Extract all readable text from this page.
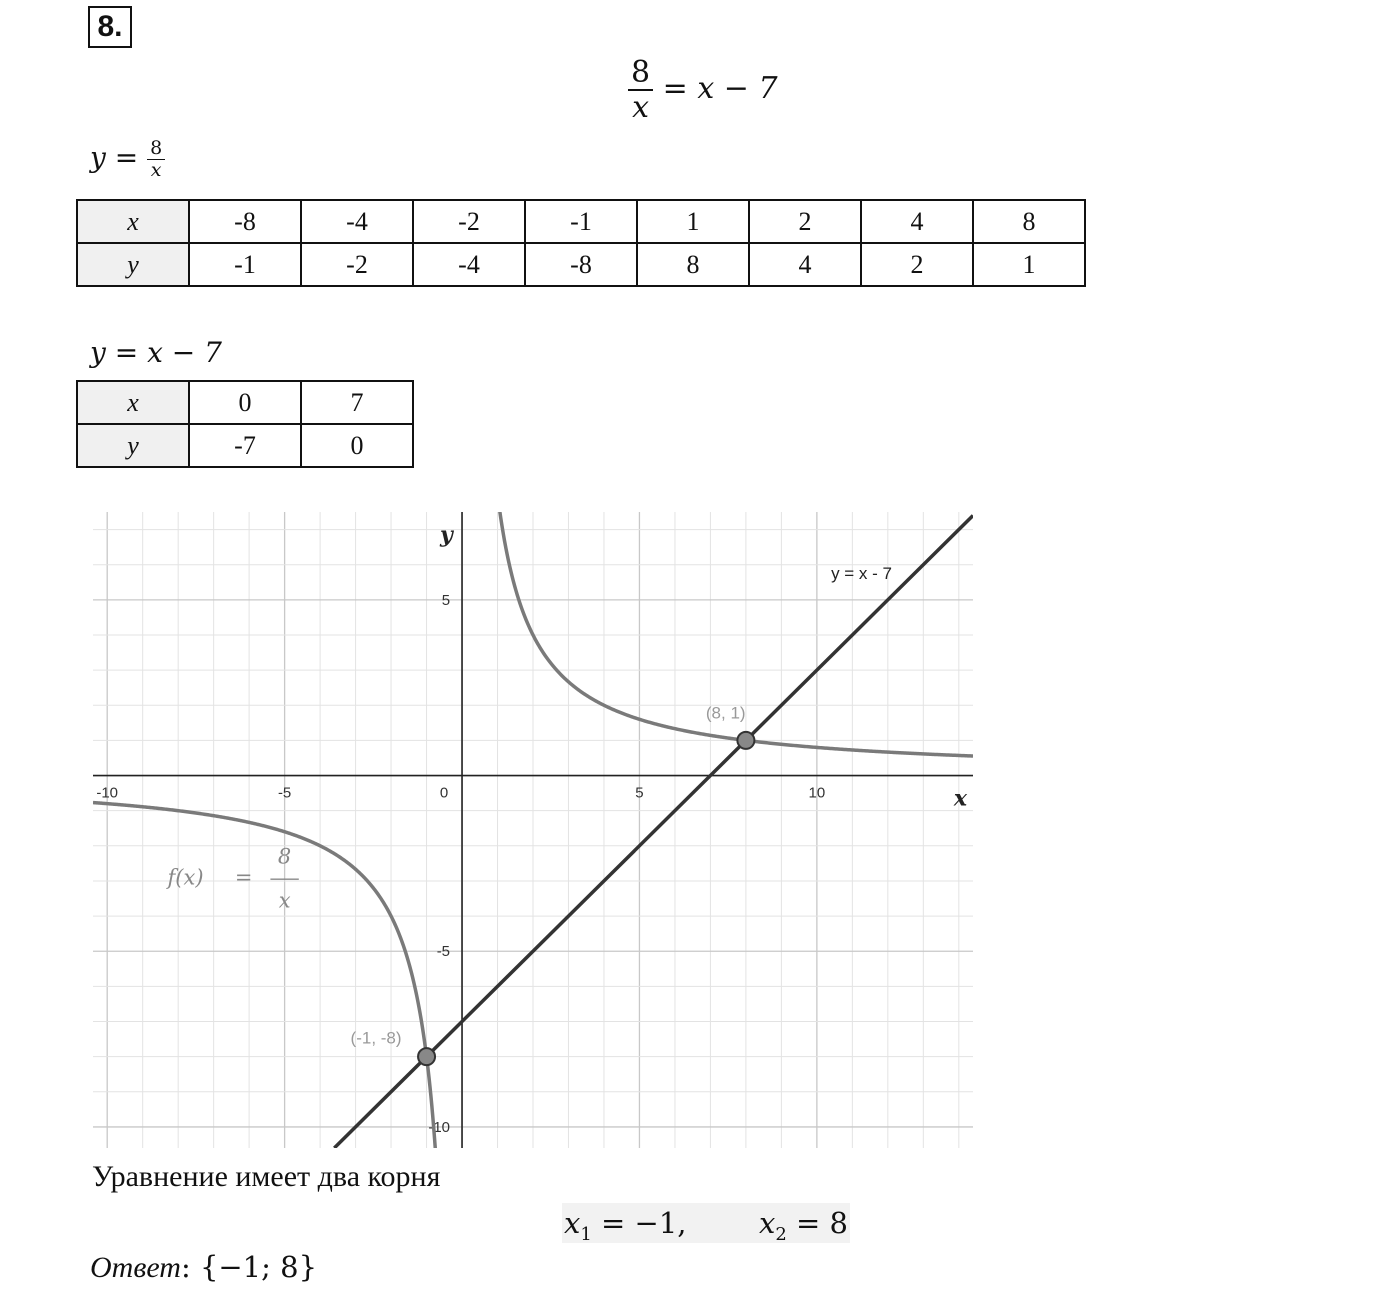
8.
$\frac{8}{x} = x - 7$
$y = \frac{8}{x}$
x	-8	-4	-2	-1	1	2	4	8
y	-1	-2	-4	-8	8	4	2	1
y = x − 7
x	0	7
y	-7	0
-10	-5	0	5	10
5
-5
-10
x
y
y = x - 7
f(x) =
8
x
(8, 1)
(-1, -8)
Уравнение имеет два корня
$x_1 = -1$, $x_2 = 8$
Ответ: {−1; 8}
